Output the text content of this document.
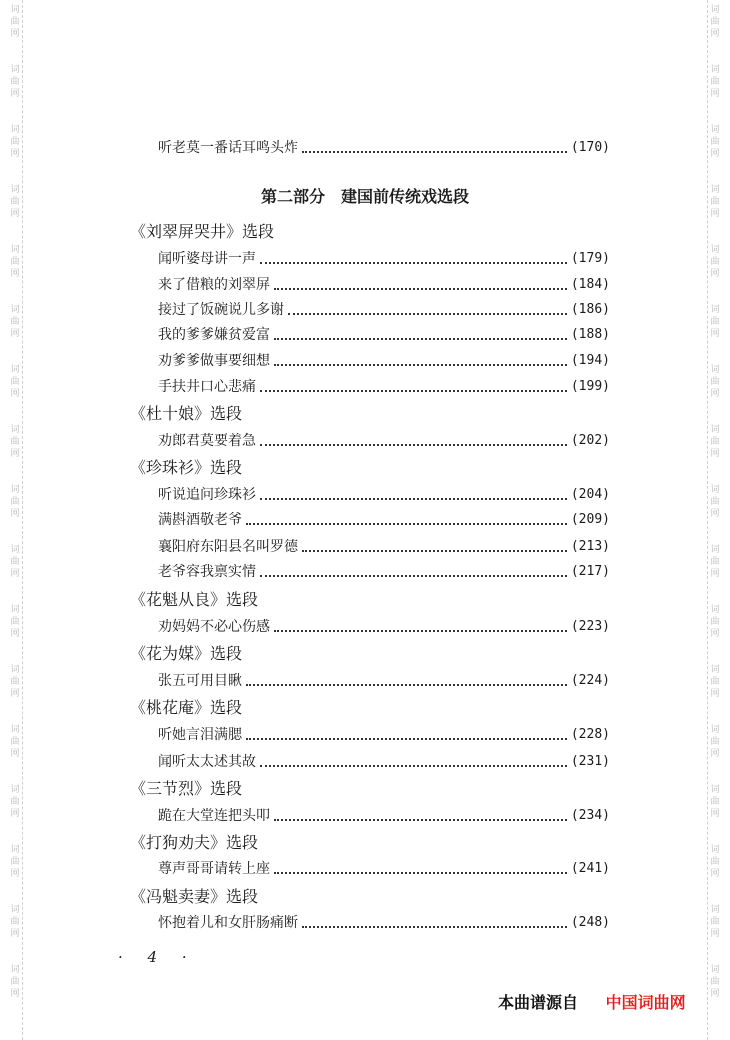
词
曲
网
词
曲
网
词
曲
网
词
曲
网
词
曲
网
词
曲
网
词
曲
网
词
曲
网
词
曲
网
词
曲
网
词
曲
网
词
曲
网
词
曲
网
词
曲
网
词
曲
网
词
曲
网
词
曲
网
词
曲
网
词
曲
网
词
曲
网
词
曲
网
词
曲
网
词
曲
网
词
曲
网
词
曲
网
词
曲
网
词
曲
网
词
曲
网
词
曲
网
词
曲
网
词
曲
网
词
曲
网
词
曲
网
词
曲
网
听老莫一番话耳鸣头炸	(170)
第二部分　建国前传统戏选段
《刘翠屏哭井》选段
闻听婆母讲一声	(179)
来了借粮的刘翠屏	(184)
接过了饭碗说儿多谢	(186)
我的爹爹嫌贫爱富	(188)
劝爹爹做事要细想	(194)
手扶井口心悲痛	(199)
《杜十娘》选段
劝郎君莫要着急	(202)
《珍珠衫》选段
听说追问珍珠衫	(204)
满斟酒敬老爷	(209)
襄阳府东阳县名叫罗德	(213)
老爷容我禀实情	(217)
《花魁从良》选段
劝妈妈不必心伤感	(223)
《花为媒》选段
张五可用目瞅	(224)
《桃花庵》选段
听她言泪满腮	(228)
闻听太太述其故	(231)
《三节烈》选段
跪在大堂连把头叩	(234)
《打狗劝夫》选段
尊声哥哥请转上座	(241)
《冯魁卖妻》选段
怀抱着儿和女肝肠痛断	(248)
· 4 ·
本曲谱源自 中国词曲网
